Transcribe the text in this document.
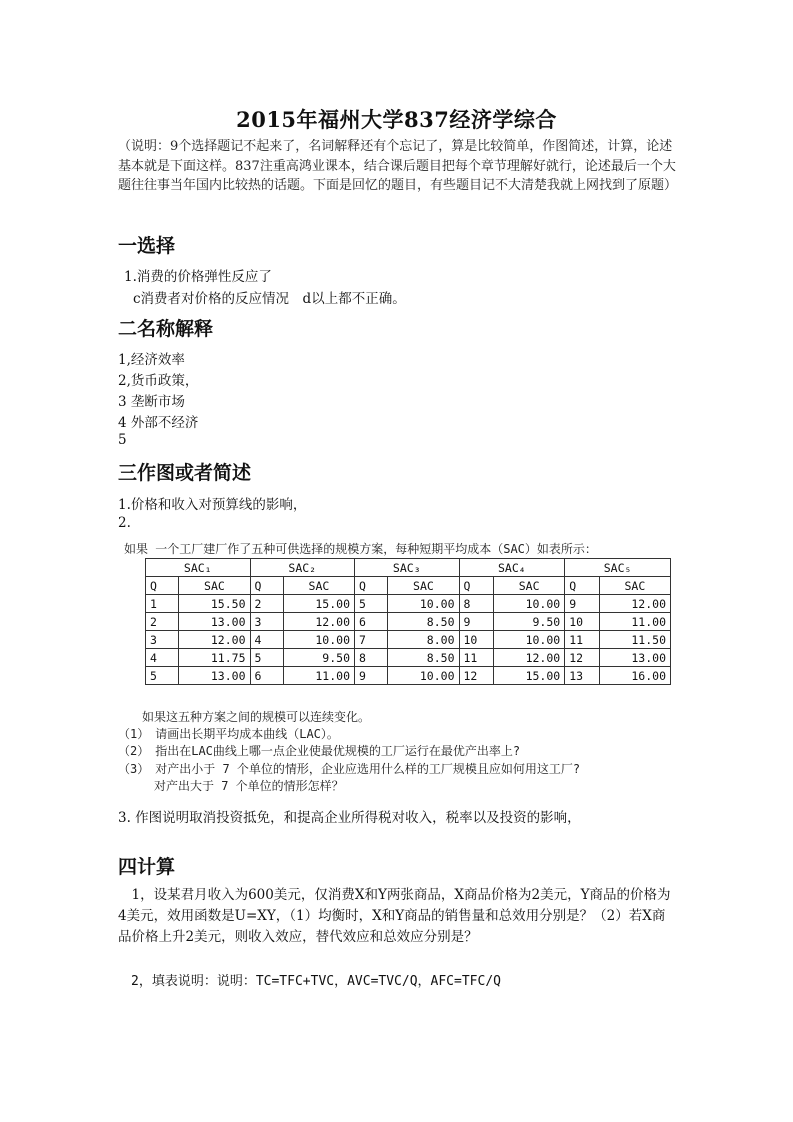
2015年福州大学837经济学综合
（说明：9个选择题记不起来了，名词解释还有个忘记了，算是比较简单，作图简述，计算，论述基本就是下面这样。837注重高鸿业课本，结合课后题目把每个章节理解好就行，论述最后一个大题往往事当年国内比较热的话题。下面是回忆的题目，有些题目记不大清楚我就上网找到了原题）
一选择
1.消费的价格弹性反应了
c消费者对价格的反应情况　d以上都不正确。
二名称解释
1,经济效率
2,货币政策，
3 垄断市场
4 外部不经济
5
三作图或者简述
1.价格和收入对预算线的影响，
2.
如果 一个工厂建厂作了五种可供选择的规模方案，每种短期平均成本（SAC）如表所示：
SAC₁		SAC₂		SAC₃		SAC₄		SAC₅	
Q	SAC	Q	SAC	Q	SAC	Q	SAC	Q	SAC
1	15.50	2	15.00	5	10.00	8	10.00	9	12.00
2	13.00	3	12.00	6	8.50	9	9.50	10	11.00
3	12.00	4	10.00	7	8.00	10	10.00	11	11.50
4	11.75	5	9.50	8	8.50	11	12.00	12	13.00
5	13.00	6	11.00	9	10.00	12	15.00	13	16.00
　　如果这五种方案之间的规模可以连续变化。
（1）　请画出长期平均成本曲线（LAC）。
（2）　指出在LAC曲线上哪一点企业使最优规模的工厂运行在最优产出率上?
（3）　对产出小于 7 个单位的情形，企业应选用什么样的工厂规模且应如何用这工厂?
　　　对产出大于 7 个单位的情形怎样？
3. 作图说明取消投资抵免，和提高企业所得税对收入，税率以及投资的影响，
四计算
　1，设某君月收入为600美元，仅消费X和Y两张商品，X商品价格为2美元，Y商品的价格为4美元，效用函数是U=XY，（1）均衡时，X和Y商品的销售量和总效用分别是？（2）若X商品价格上升2美元，则收入效应，替代效应和总效应分别是？
　2，填表说明：说明：TC=TFC+TVC，AVC=TVC/Q，AFC=TFC/Q
